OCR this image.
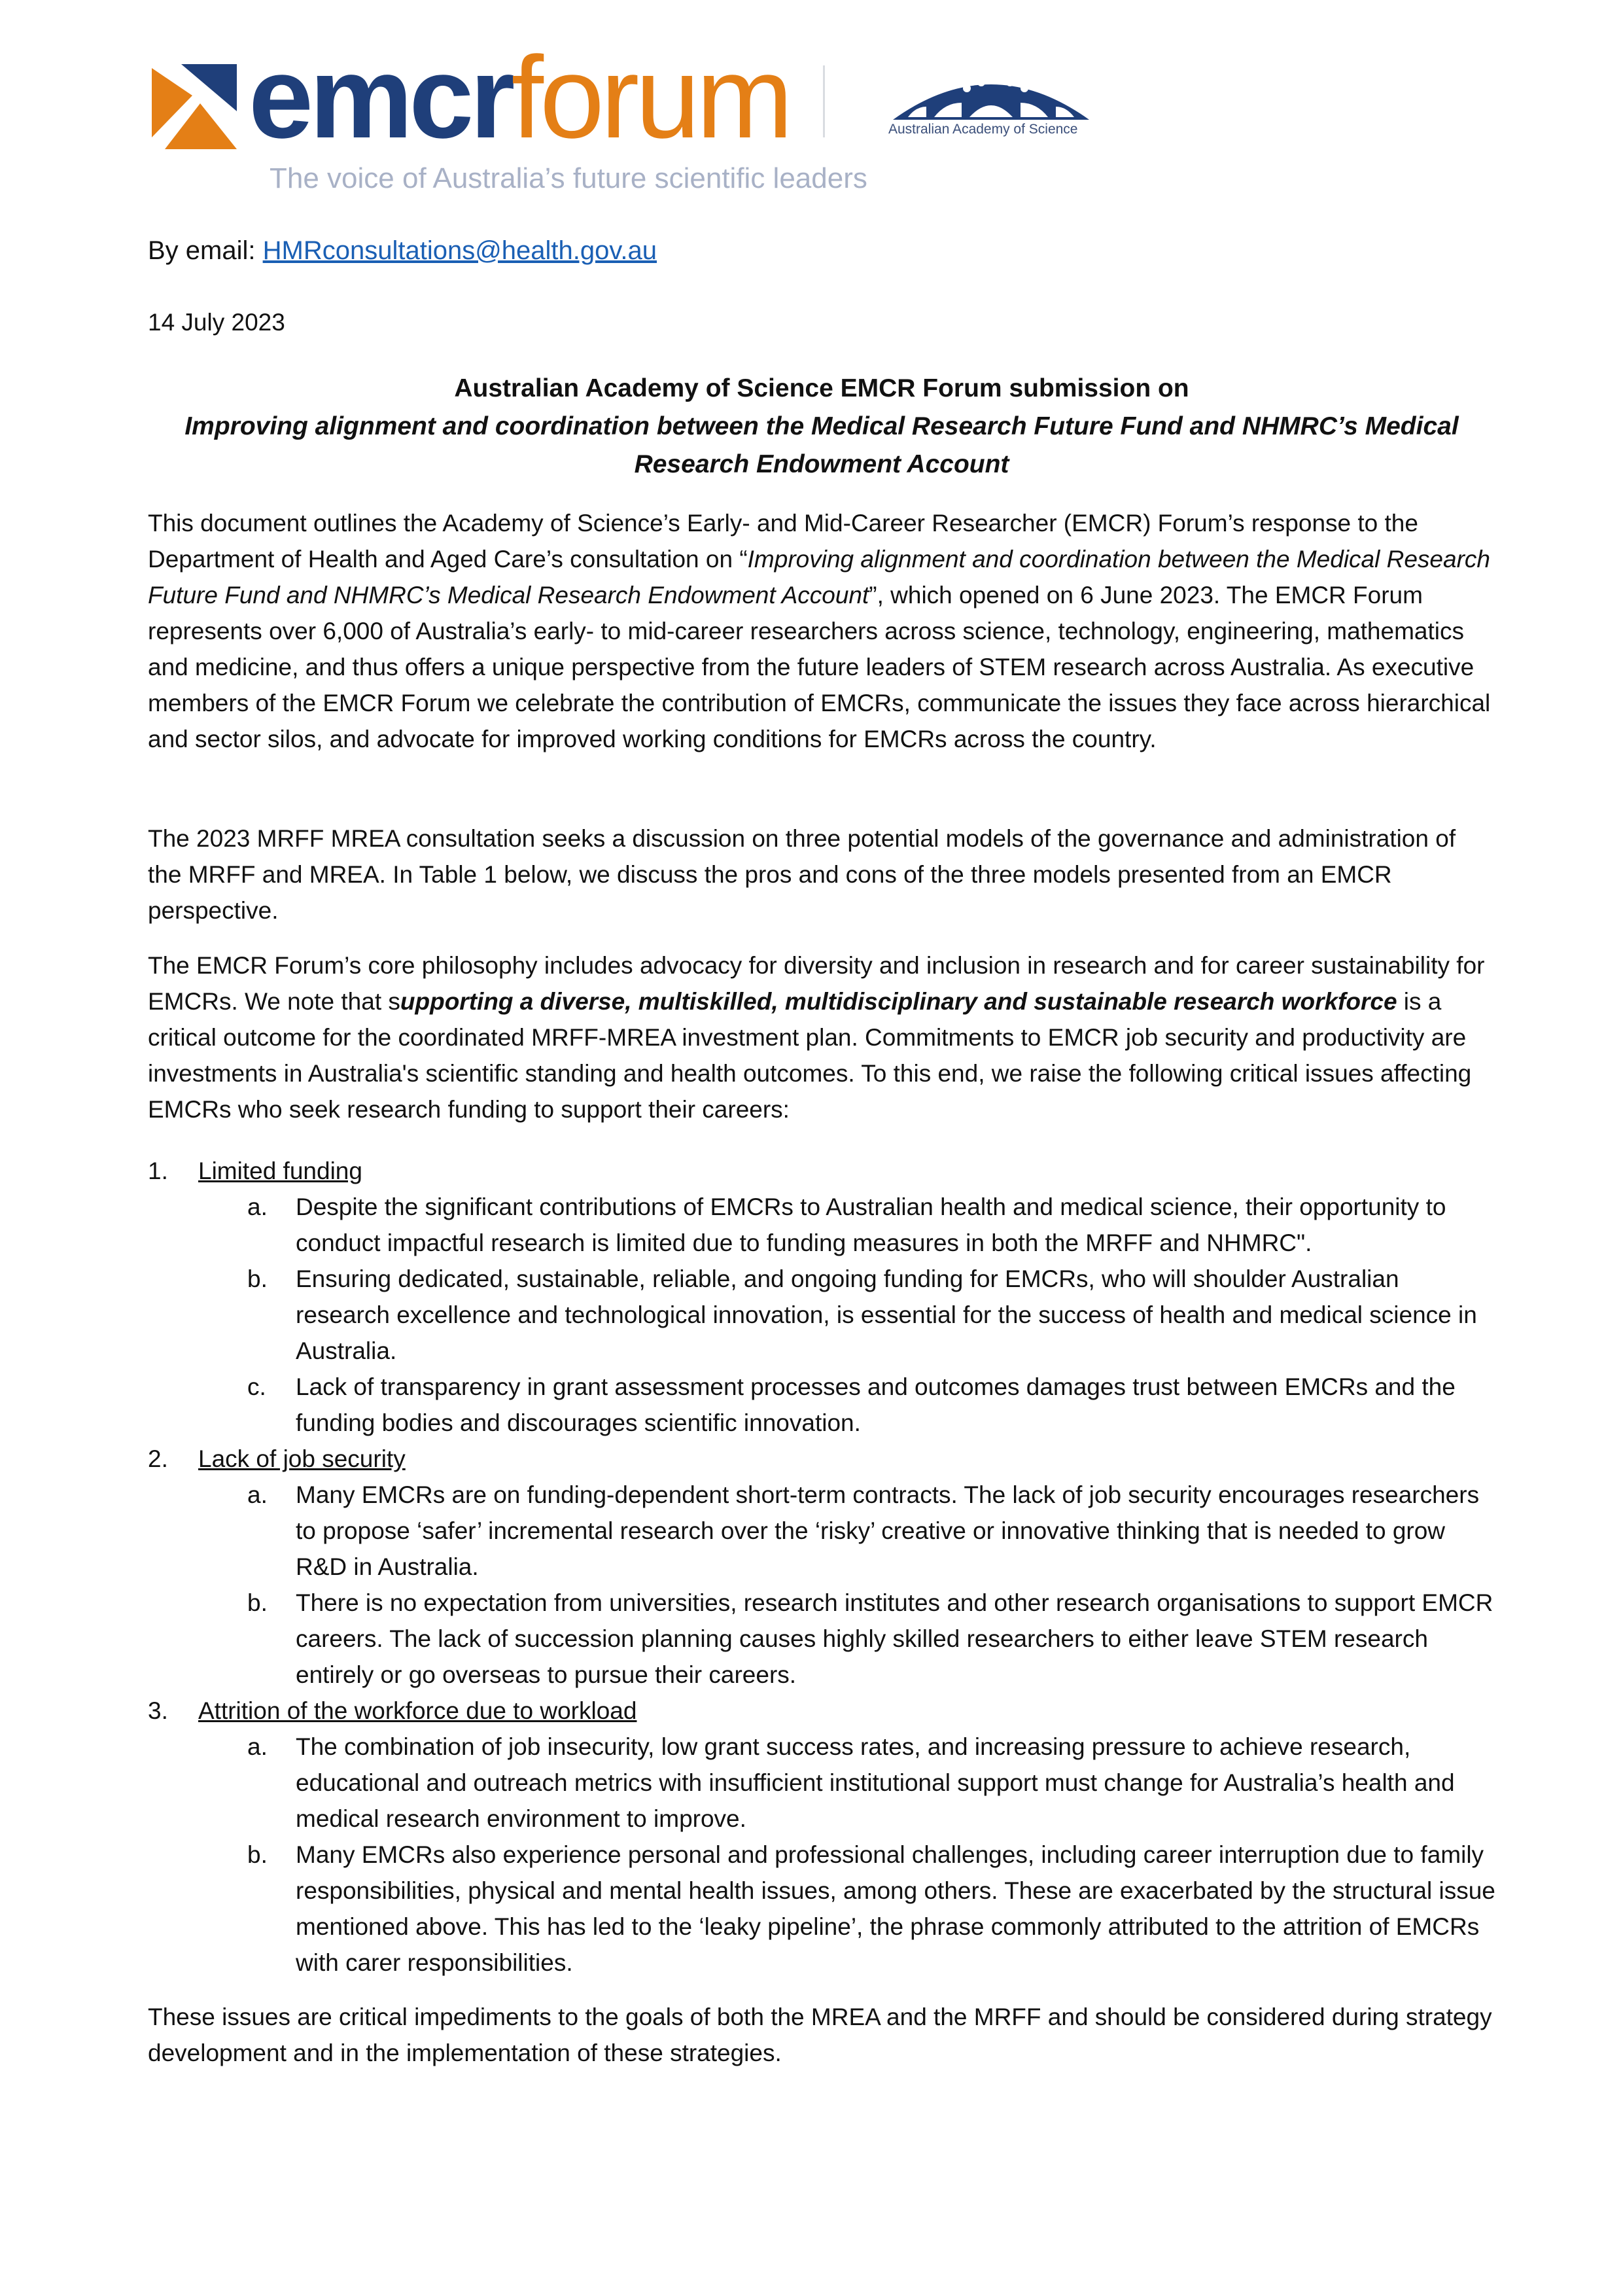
emcrforum
The voice of Australia’s future scientific leaders
Australian Academy of Science
By email: HMRconsultations@health.gov.au
14 July 2023
Australian Academy of Science EMCR Forum submission on
Improving alignment and coordination between the Medical Research Future Fund and NHMRC’s Medical Research Endowment Account

This document outlines the Academy of Science’s Early- and Mid-Career Researcher (EMCR) Forum’s response to the Department of Health and Aged Care’s consultation on “Improving alignment and coordination between the Medical Research Future Fund and NHMRC’s Medical Research Endowment Account”, which opened on 6 June 2023. The EMCR Forum represents over 6,000 of Australia’s early- to mid-career researchers across science, technology, engineering, mathematics and medicine, and thus offers a unique perspective from the future leaders of STEM research across Australia. As executive members of the EMCR Forum we celebrate the contribution of EMCRs, communicate the issues they face across hierarchical and sector silos, and advocate for improved working conditions for EMCRs across the country.

The 2023 MRFF MREA consultation seeks a discussion on three potential models of the governance and administration of the MRFF and MREA. In Table 1 below, we discuss the pros and cons of the three models presented from an EMCR perspective.

The EMCR Forum’s core philosophy includes advocacy for diversity and inclusion in research and for career sustainability for EMCRs. We note that supporting a diverse, multiskilled, multidisciplinary and sustainable research workforce is a critical outcome for the coordinated MRFF-MREA investment plan. Commitments to EMCR job security and productivity are investments in Australia's scientific standing and health outcomes. To this end, we raise the following critical issues affecting EMCRs who seek research funding to support their careers:

1. Limited funding
a. Despite the significant contributions of EMCRs to Australian health and medical science, their opportunity to conduct impactful research is limited due to funding measures in both the MRFF and NHMRC".
b. Ensuring dedicated, sustainable, reliable, and ongoing funding for EMCRs, who will shoulder Australian research excellence and technological innovation, is essential for the success of health and medical science in Australia.
c. Lack of transparency in grant assessment processes and outcomes damages trust between EMCRs and the funding bodies and discourages scientific innovation.
2. Lack of job security
a. Many EMCRs are on funding-dependent short-term contracts. The lack of job security encourages researchers to propose ‘safer’ incremental research over the ‘risky’ creative or innovative thinking that is needed to grow R&D in Australia.
b. There is no expectation from universities, research institutes and other research organisations to support EMCR careers. The lack of succession planning causes highly skilled researchers to either leave STEM research entirely or go overseas to pursue their careers.
3. Attrition of the workforce due to workload
a. The combination of job insecurity, low grant success rates, and increasing pressure to achieve research, educational and outreach metrics with insufficient institutional support must change for Australia’s health and medical research environment to improve.
b. Many EMCRs also experience personal and professional challenges, including career interruption due to family responsibilities, physical and mental health issues, among others. These are exacerbated by the structural issue mentioned above. This has led to the ‘leaky pipeline’, the phrase commonly attributed to the attrition of EMCRs with carer responsibilities.

These issues are critical impediments to the goals of both the MREA and the MRFF and should be considered during strategy development and in the implementation of these strategies.
